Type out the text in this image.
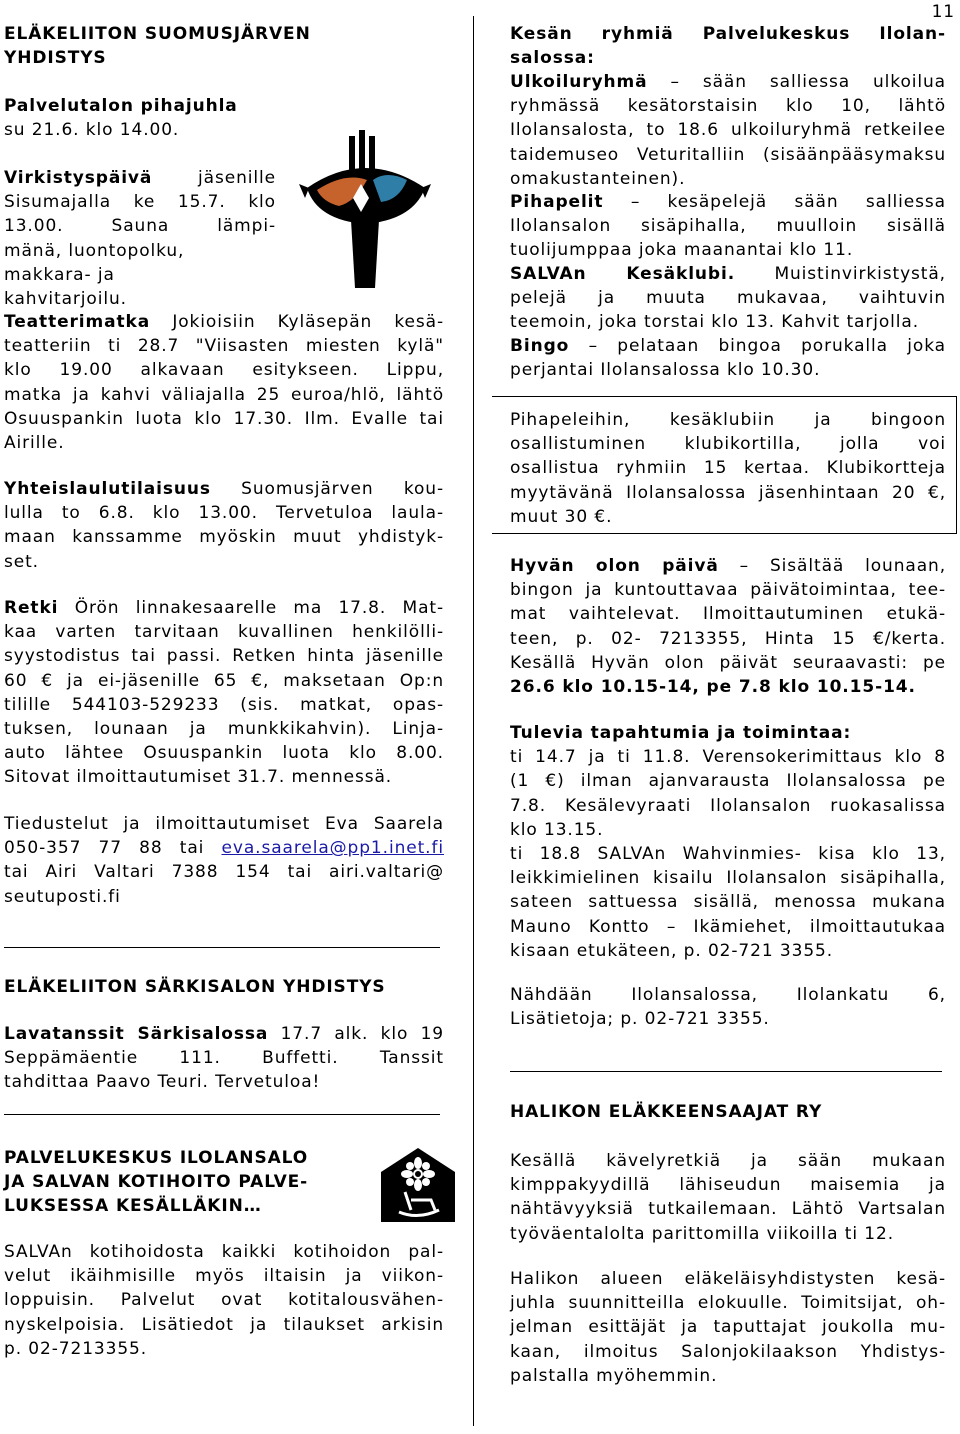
11
ELÄKELIITON SUOMUSJÄRVEN
YHDISTYS
Palvelutalon pihajuhla
su 21.6. klo 14.00.
Virkistyspäivä	jäsenille
Sisumajalla ke 15.7. klo
13.00. Sauna lämpi-
mänä, luontopolku, makkara- ja
kahvitarjoilu.
Teatterimatka Jokioisiin Kyläsepän kesä-
teatteriin ti 28.7 "Viisasten miesten kylä"
klo 19.00 alkavaan esitykseen. Lippu,
matka ja kahvi väliajalla 25 euroa/hlö, lähtö
Osuuspankin luota klo 17.30. Ilm. Evalle tai
Airille.
Yhteislaulutilaisuus Suomusjärven kou-
lulla to 6.8. klo 13.00. Tervetuloa laula-
maan kanssamme myöskin muut yhdistyk-
set.
Retki Örön linnakesaarelle ma 17.8. Mat-
kaa varten tarvitaan kuvallinen henkilölli-
syystodistus tai passi. Retken hinta jäsenille
60 € ja ei-jäsenille 65 €, maksetaan Op:n
tilille 544103-529233 (sis. matkat, opas-
tuksen, lounaan ja munkkikahvin). Linja-
auto lähtee Osuuspankin luota klo 8.00.
Sitovat ilmoittautumiset 31.7. mennessä.
Tiedustelut ja ilmoittautumiset Eva Saarela
050-357 77 88 tai eva.saarela@pp1.inet.fi
tai Airi Valtari 7388 154 tai airi.valtari@
seutuposti.fi
ELÄKELIITON SÄRKISALON YHDISTYS
Lavatanssit Särkisalossa 17.7 alk. klo 19
Seppämäentie 111. Buffetti. Tanssit
tahdittaa Paavo Teuri. Tervetuloa!
PALVELUKESKUS ILOLANSALO
JA SALVAN KOTIHOITO PALVE-
LUKSESSA KESÄLLÄKIN…
SALVAn kotihoidosta kaikki kotihoidon pal-
velut ikäihmisille myös iltaisin ja viikon-
loppuisin. Palvelut ovat kotitalousvähen-
nyskelpoisia. Lisätiedot ja tilaukset arkisin
p. 02-7213355.
Kesän ryhmiä Palvelukeskus Ilolan-
salossa:
Ulkoiluryhmä – sään salliessa ulkoilua
ryhmässä kesätorstaisin klo 10, lähtö
Ilolansalosta, to 18.6 ulkoiluryhmä retkeilee
taidemuseo Veturitalliin (sisäänpääsymaksu
omakustanteinen).
Pihapelit – kesäpelejä sään salliessa
Ilolansalon sisäpihalla, muulloin sisällä
tuolijumppaa joka maanantai klo 11.
SALVAn Kesäklubi. Muistinvirkistystä,
pelejä ja muuta mukavaa, vaihtuvin
teemoin, joka torstai klo 13. Kahvit tarjolla.
Bingo – pelataan bingoa porukalla joka
perjantai Ilolansalossa klo 10.30.
Pihapeleihin, kesäklubiin ja bingoon
osallistuminen klubikortilla, jolla voi
osallistua ryhmiin 15 kertaa. Klubikortteja
myytävänä Ilolansalossa jäsenhintaan 20 €,
muut 30 €.
Hyvän olon päivä – Sisältää lounaan,
bingon ja kuntouttavaa päivätoimintaa, tee-
mat vaihtelevat. Ilmoittautuminen etukä-
teen, p. 02- 7213355, Hinta 15 €/kerta.
Kesällä Hyvän olon päivät seuraavasti: pe
26.6 klo 10.15-14, pe 7.8 klo 10.15-14.
Tulevia tapahtumia ja toimintaa:
ti 14.7 ja ti 11.8. Verensokerimittaus klo 8
(1 €) ilman ajanvarausta Ilolansalossa pe
7.8. Kesälevyraati Ilolansalon ruokasalissa
klo 13.15.
ti 18.8 SALVAn Wahvinmies- kisa klo 13,
leikkimielinen kisailu Ilolansalon sisäpihalla,
sateen sattuessa sisällä, menossa mukana
Mauno Kontto – Ikämiehet, ilmoittautukaa
kisaan etukäteen, p. 02-721 3355.
Nähdään Ilolansalossa, Ilolankatu 6,
Lisätietoja; p. 02-721 3355.
HALIKON ELÄKKEENSAAJAT RY
Kesällä kävelyretkiä ja sään mukaan
kimppakyydillä lähiseudun maisemia ja
nähtävyyksiä tutkailemaan. Lähtö Vartsalan
työväentalolta parittomilla viikoilla ti 12.
Halikon alueen eläkeläisyhdistysten kesä-
juhla suunnitteilla elokuulle. Toimitsijat, oh-
jelman esittäjät ja taputtajat joukolla mu-
kaan, ilmoitus Salonjokilaakson Yhdistys-
palstalla myöhemmin.
